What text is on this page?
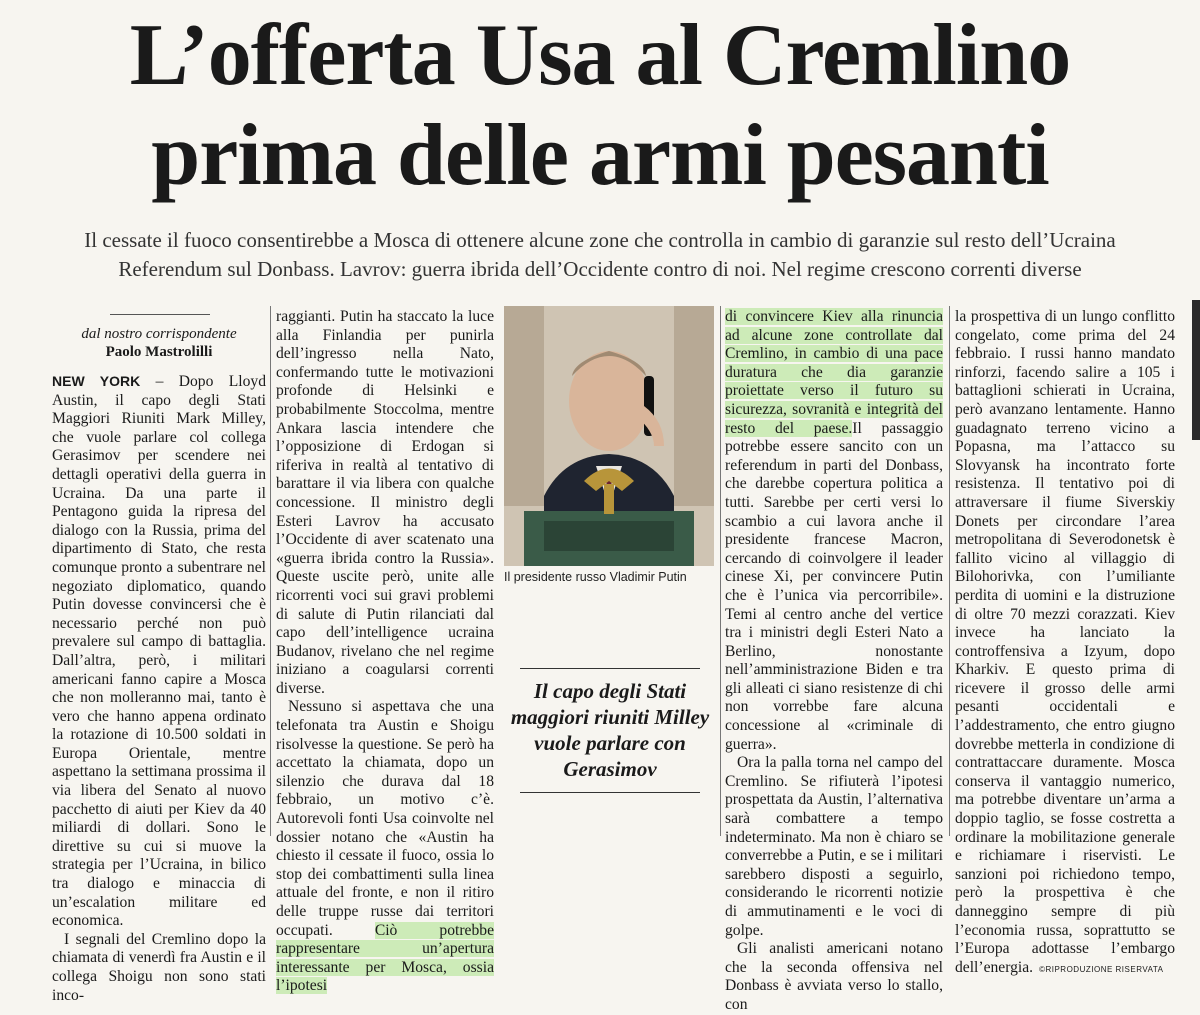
L’offerta Usa al Cremlino
prima delle armi pesanti
Il cessate il fuoco consentirebbe a Mosca di ottenere alcune zone che controlla in cambio di garanzie sul resto dell’Ucraina
Referendum sul Donbass. Lavrov: guerra ibrida dell’Occidente contro di noi. Nel regime crescono correnti diverse
dal nostro corrispondente
Paolo Mastrolilli

NEW YORK – Dopo Lloyd Austin, il capo degli Stati Maggiori Riuniti Mark Milley, che vuole parlare col collega Gerasimov per scendere nei dettagli operativi della guerra in Ucraina. Da una parte il Pentagono guida la ripresa del dialogo con la Russia, prima del dipartimento di Stato, che resta comunque pronto a subentrare nel negoziato diplomatico, quando Putin dovesse convincersi che è necessario perché non può prevalere sul campo di battaglia. Dall’altra, però, i militari americani fanno capire a Mosca che non molleranno mai, tanto è vero che hanno appena ordinato la rotazione di 10.500 soldati in Europa Orientale, mentre aspettano la settimana prossima il via libera del Senato al nuovo pacchetto di aiuti per Kiev da 40 miliardi di dollari. Sono le direttive su cui si muove la strategia per l’Ucraina, in bilico tra dialogo e minaccia di un’escalation militare ed economica.

I segnali del Cremlino dopo la chiamata di venerdì fra Austin e il collega Shoigu non sono stati inco-

raggianti. Putin ha staccato la luce alla Finlandia per punirla dell’ingresso nella Nato, confermando tutte le motivazioni profonde di Helsinki e probabilmente Stoccolma, mentre Ankara lascia intendere che l’opposizione di Erdogan si riferiva in realtà al tentativo di barattare il via libera con qualche concessione. Il ministro degli Esteri Lavrov ha accusato l’Occidente di aver scatenato una «guerra ibrida contro la Russia». Queste uscite però, unite alle ricorrenti voci sui gravi problemi di salute di Putin rilanciati dal capo dell’intelligence ucraina Budanov, rivelano che nel regime iniziano a coagularsi correnti diverse.

Nessuno si aspettava che una telefonata tra Austin e Shoigu risolvesse la questione. Se però ha accettato la chiamata, dopo un silenzio che durava dal 18 febbraio, un motivo c’è. Autorevoli fonti Usa coinvolte nel dossier notano che «Austin ha chiesto il cessate il fuoco, ossia lo stop dei combattimenti sulla linea attuale del fronte, e non il ritiro delle truppe russe dai territori occupati. Ciò potrebbe rappresentare un’apertura interessante per Mosca, ossia l’ipotesi

Il presidente russo Vladimir Putin
Il capo degli Stati maggiori riuniti Milley vuole parlare con Gerasimov

di convincere Kiev alla rinuncia ad alcune zone controllate dal Cremlino, in cambio di una pace duratura che dia garanzie proiettate verso il futuro su sicurezza, sovranità e integrità del resto del paese.Il passaggio potrebbe essere sancito con un referendum in parti del Donbass, che darebbe copertura politica a tutti. Sarebbe per certi versi lo scambio a cui lavora anche il presidente francese Macron, cercando di coinvolgere il leader cinese Xi, per convincere Putin che è l’unica via percorribile». Temi al centro anche del vertice tra i ministri degli Esteri Nato a Berlino, nonostante nell’amministrazione Biden e tra gli alleati ci siano resistenze di chi non vorrebbe fare alcuna concessione al «criminale di guerra».

Ora la palla torna nel campo del Cremlino. Se rifiuterà l’ipotesi prospettata da Austin, l’alternativa sarà combattere a tempo indeterminato. Ma non è chiaro se converrebbe a Putin, e se i militari sarebbero disposti a seguirlo, considerando le ricorrenti notizie di ammutinamenti e le voci di golpe.

Gli analisti americani notano che la seconda offensiva nel Donbass è avviata verso lo stallo, con

la prospettiva di un lungo conflitto congelato, come prima del 24 febbraio. I russi hanno mandato rinforzi, facendo salire a 105 i battaglioni schierati in Ucraina, però avanzano lentamente. Hanno guadagnato terreno vicino a Popasna, ma l’attacco su Slovyansk ha incontrato forte resistenza. Il tentativo poi di attraversare il fiume Siverskiy Donets per circondare l’area metropolitana di Severodonetsk è fallito vicino al villaggio di Bilohorivka, con l’umiliante perdita di uomini e la distruzione di oltre 70 mezzi corazzati. Kiev invece ha lanciato la controffensiva a Izyum, dopo Kharkiv. E questo prima di ricevere il grosso delle armi pesanti occidentali e l’addestramento, che entro giugno dovrebbe metterla in condizione di contrattaccare duramente. Mosca conserva il vantaggio numerico, ma potrebbe diventare un’arma a doppio taglio, se fosse costretta a ordinare la mobilitazione generale e richiamare i riservisti. Le sanzioni poi richiedono tempo, però la prospettiva è che danneggino sempre di più l’economia russa, soprattutto se l’Europa adottasse l’embargo dell’energia. ©RIPRODUZIONE RISERVATA
